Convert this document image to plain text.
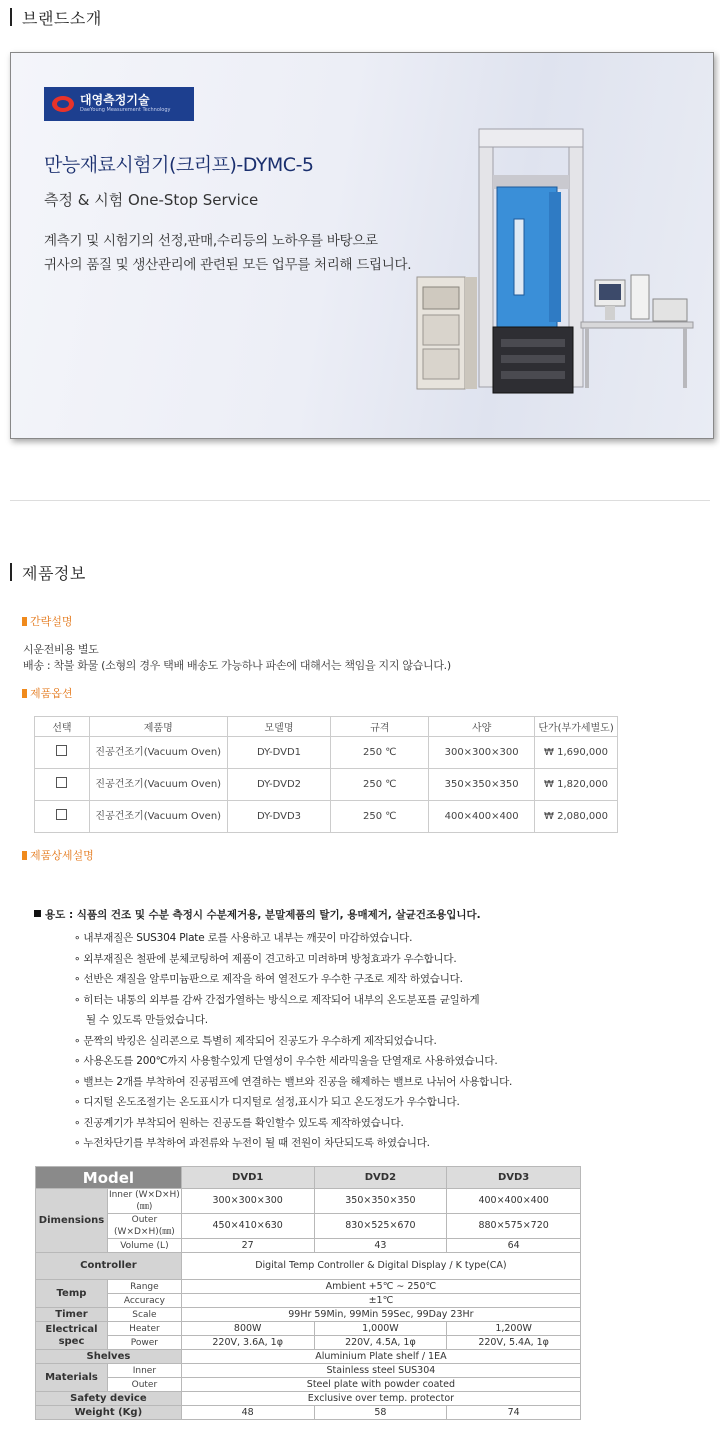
브랜드소개
대영측정기술
DaeYoung Measurement Technology
만능재료시험기(크리프)-DYMC-5
측정 & 시험 One-Stop Service
계측기 및 시험기의 선정,판매,수리등의 노하우를 바탕으로
귀사의 품질 및 생산관리에 관련된 모든 업무를 처리해 드립니다.
제품정보
간략설명
시운전비용 별도
배송 : 착불 화물 (소형의 경우 택배 배송도 가능하나 파손에 대해서는 책임을 지지 않습니다.)
제품옵션
선택	제품명	모델명	규격	사양	단가(부가세별도)
	진공건조기(Vacuum Oven)	DY-DVD1	250 ℃	300×300×300	₩ 1,690,000
	진공건조기(Vacuum Oven)	DY-DVD2	250 ℃	350×350×350	₩ 1,820,000
	진공건조기(Vacuum Oven)	DY-DVD3	250 ℃	400×400×400	₩ 2,080,000
제품상세설명
용도 : 식품의 건조 및 수분 측정시 수분제거용, 분말제품의 탈기, 용매제거, 살균건조용입니다.
∘ 내부재질은 SUS304 Plate 로를 사용하고 내부는 깨끗이 마감하였습니다.
∘ 외부재질은 철판에 분체코팅하여 제품이 견고하고 미려하며 방청효과가 우수합니다.
∘ 선반은 재질을 알루미늄판으로 제작을 하여 열전도가 우수한 구조로 제작 하였습니다.
∘ 히터는 내통의 외부를 감싸 간접가열하는 방식으로 제작되어 내부의 온도분포를 균일하게
될 수 있도록 만들었습니다.
∘ 문짝의 박킹은 실리콘으로 특별히 제작되어 진공도가 우수하게 제작되었습니다.
∘ 사용온도를 200℃까지 사용할수있게 단열성이 우수한 세라믹울을 단열재로 사용하였습니다.
∘ 밸브는 2개를 부착하여 진공펌프에 연결하는 밸브와 진공을 해제하는 밸브로 나뉘어 사용합니다.
∘ 디지털 온도조절기는 온도표시가 디지털로 설정,표시가 되고 온도정도가 우수합니다.
∘ 진공계기가 부착되어 원하는 진공도를 확인할수 있도록 제작하였습니다.
∘ 누전차단기를 부착하여 과전류와 누전이 될 때 전원이 차단되도록 하였습니다.
Model		DVD1	DVD2	DVD3
Dimensions	Inner (W×D×H)(㎜)	300×300×300	350×350×350	400×400×400
	Outer (W×D×H)(㎜)	450×410×630	830×525×670	880×575×720
	Volume (L)	27	43	64
Controller		Digital Temp Controller & Digital Display / K type(CA)		
Temp	Range	Ambient +5℃ ∼ 250℃		
	Accuracy	±1℃		
Timer	Scale	99Hr 59Min, 99Min 59Sec, 99Day 23Hr		
Electrical spec	Heater	800W	1,000W	1,200W
	Power	220V, 3.6A, 1φ	220V, 4.5A, 1φ	220V, 5.4A, 1φ
Shelves		Aluminium Plate shelf / 1EA		
Materials	Inner	Stainless steel SUS304		
	Outer	Steel plate with powder coated		
Safety device		Exclusive over temp. protector		
Weight (Kg)		48	58	74
